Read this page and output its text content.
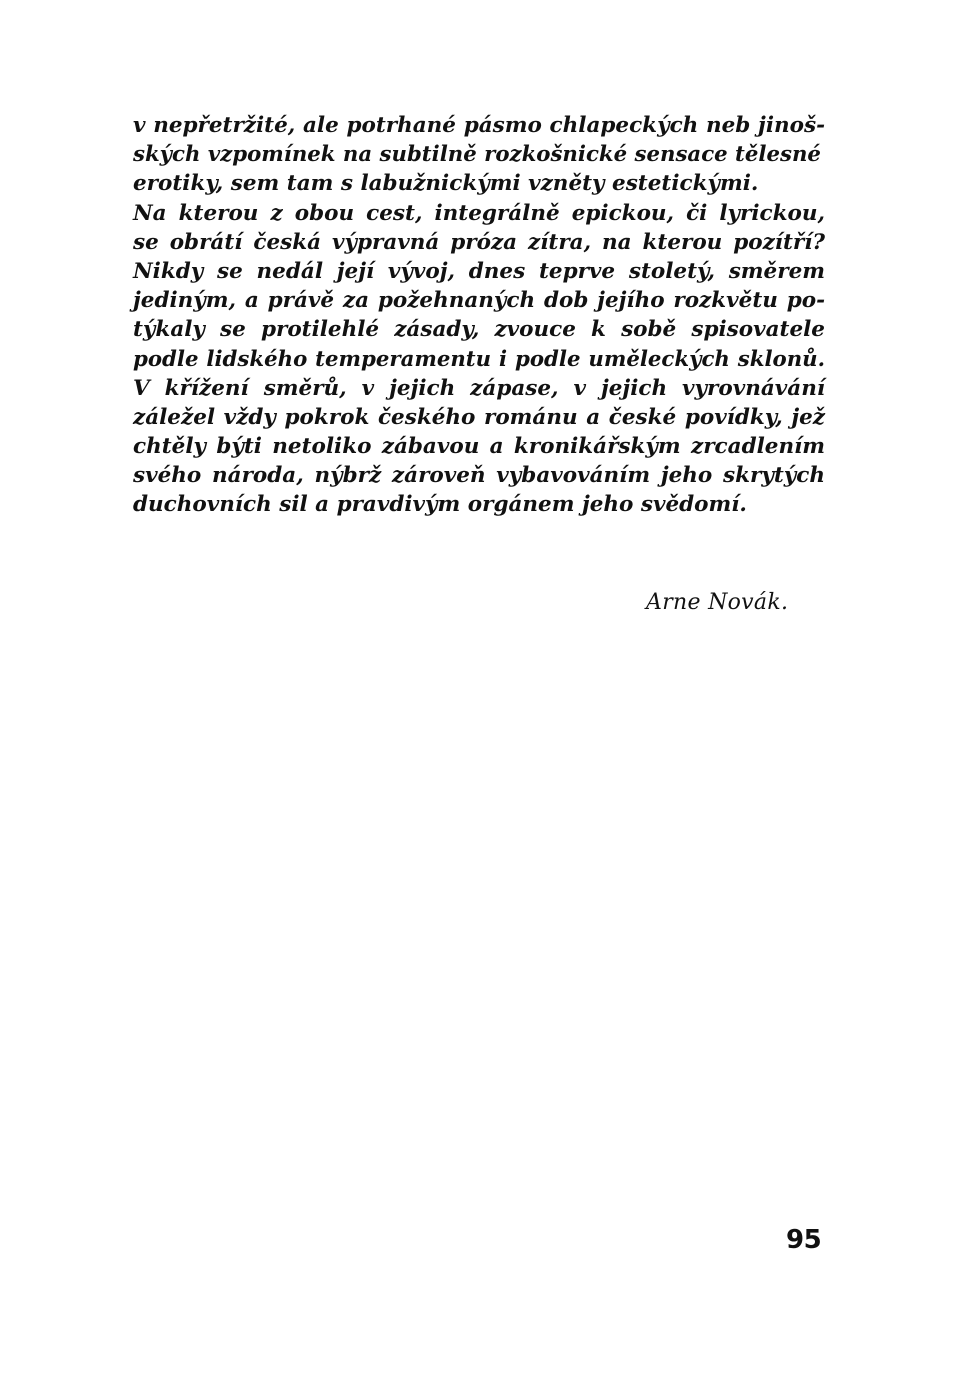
v nepřetržité, ale potrhané pásmo chlapeckých neb jinoš-
ských vzpomínek na subtilně rozkošnické sensace tělesné
erotiky, sem tam s labužnickými vzněty estetickými.
Na kterou z obou cest, integrálně epickou, či lyrickou,
se obrátí česká výpravná próza zítra, na kterou pozítří?
Nikdy se nedál její vývoj, dnes teprve stoletý, směrem
jediným, a právě za požehnaných dob jejího rozkvětu po-
týkaly se protilehlé zásady, zvouce k sobě spisovatele
podle lidského temperamentu i podle uměleckých sklonů.
V křížení směrů, v jejich zápase, v jejich vyrovnávání
záležel vždy pokrok českého románu a české povídky, jež
chtěly býti netoliko zábavou a kronikářským zrcadlením
svého národa, nýbrž zároveň vybavováním jeho skrytých
duchovních sil a pravdivým orgánem jeho svědomí.
Arne Novák.
95
